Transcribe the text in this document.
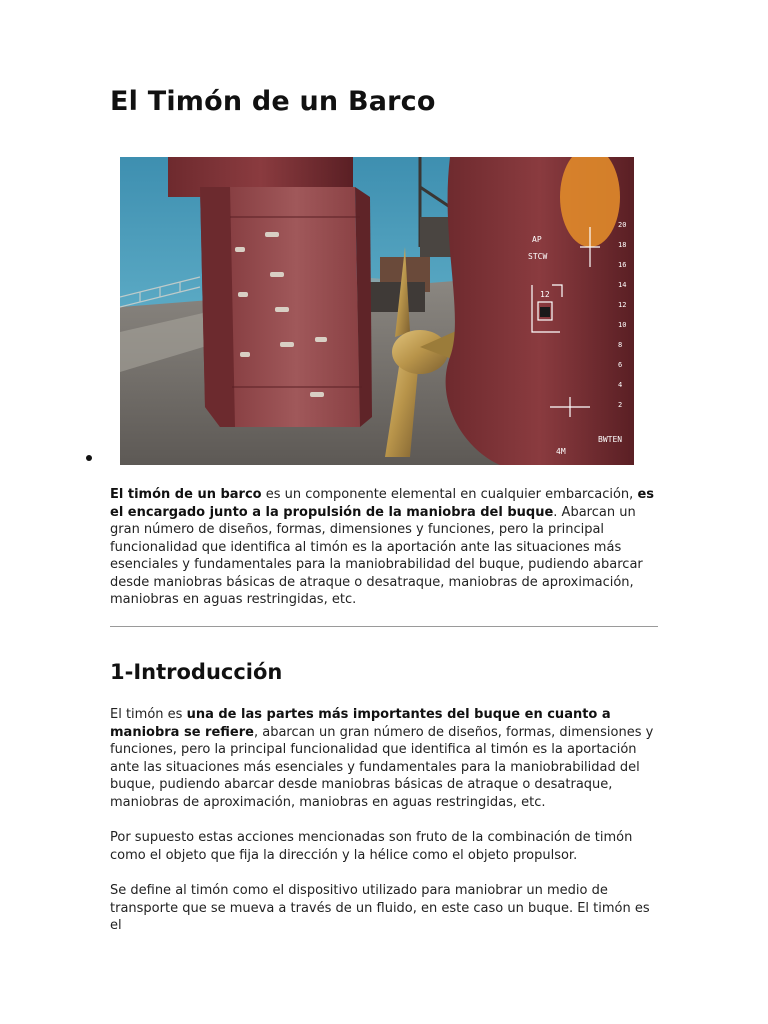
El Timón de un Barco
AP
STCW
12
BWTEN
4M
2
4
6
8
10
12
14
16
18
20

El timón de un barco es un componente elemental en cualquier embarcación, es el encargado junto a la propulsión de la maniobra del buque. Abarcan un gran número de diseños, formas, dimensiones y funciones, pero la principal funcionalidad que identifica al timón es la aportación ante las situaciones más esenciales y fundamentales para la maniobrabilidad del buque, pudiendo abarcar desde maniobras básicas de atraque o desatraque, maniobras de aproximación, maniobras en aguas restringidas, etc.

1-Introducción

El timón es una de las partes más importantes del buque en cuanto a maniobra se refiere, abarcan un gran número de diseños, formas, dimensiones y funciones, pero la principal funcionalidad que identifica al timón es la aportación ante las situaciones más esenciales y fundamentales para la maniobrabilidad del buque, pudiendo abarcar desde maniobras básicas de atraque o desatraque, maniobras de aproximación, maniobras en aguas restringidas, etc.

Por supuesto estas acciones mencionadas son fruto de la combinación de timón como el objeto que fija la dirección y la hélice como el objeto propulsor.

Se define al timón como el dispositivo utilizado para maniobrar un medio de transporte que se mueva a través de un fluido, en este caso un buque. El timón es el
